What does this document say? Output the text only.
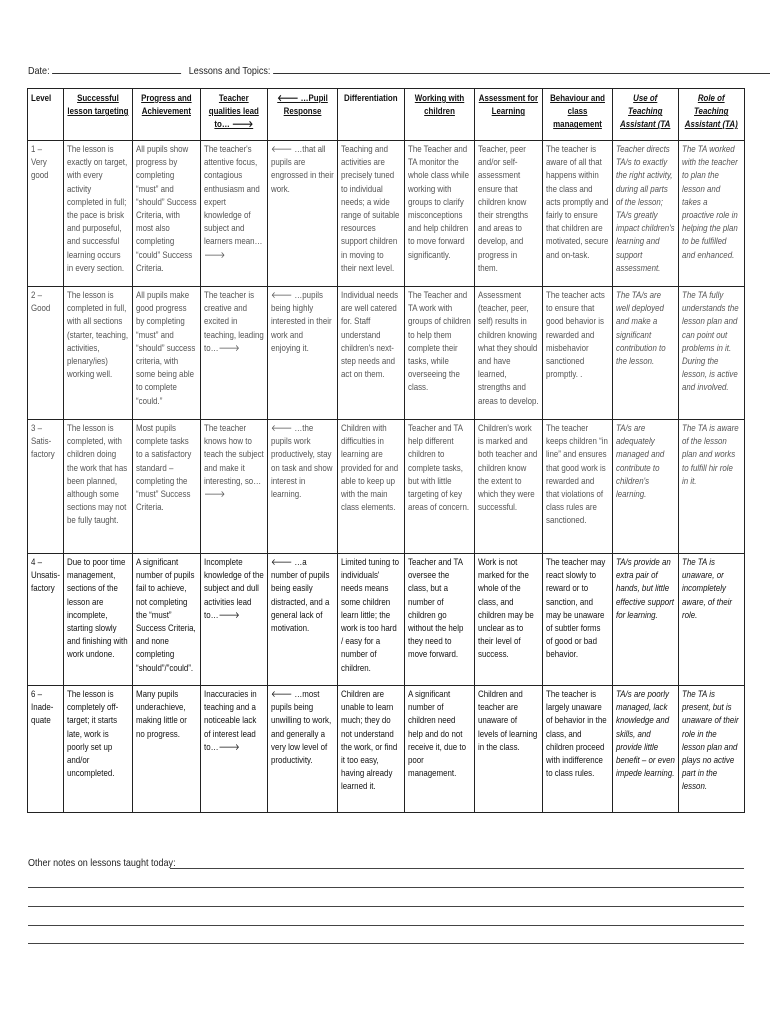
Date:	Lessons and Topics:
Level	Successful lesson targeting	Progress and Achievement	Teacher qualities lead to… 🡒	🡐 …Pupil Response	Differentiation	Working with children	Assessment for Learning	Behaviour and class management	Use of Teaching Assistant (TA	Role of Teaching Assistant (TA)

1 – Very good	The lesson is exactly on target, with every activity completed in full; the pace is brisk and purposeful, and successful learning occurs in every section.	All pupils show progress by completing “must” and “should” Success Criteria, with most also completing “could” Success Criteria.	The teacher's attentive focus, contagious enthusiasm and expert knowledge of subject and learners mean… 🡒	🡐 …that all pupils are engrossed in their work.	Teaching and activities are precisely tuned to individual needs; a wide range of suitable resources support children in moving to their next level.	The Teacher and TA monitor the whole class while working with groups to clarify misconceptions and help children to move forward significantly.	Teacher, peer and/or self-assessment ensure that children know their strengths and areas to develop, and progress in them.	The teacher is aware of all that happens within the class and acts promptly and fairly to ensure that children are motivated, secure and on-task.	Teacher directs TA/s to exactly the right activity, during all parts of the lesson; TA/s greatly impact children's learning and support assessment.	The TA worked with the teacher to plan the lesson and takes a proactive role in helping the plan to be fulfilled and enhanced.

2 – Good	The lesson is completed in full, with all sections (starter, teaching, activities, plenary/ies) working well.	All pupils make good progress by completing “must” and “should” success criteria, with some being able to complete “could.”	The teacher is creative and excited in teaching, leading to…🡒	🡐 …pupils being highly interested in their work and enjoying it.	Individual needs are well catered for. Staff understand children's next-step needs and act on them.	The Teacher and TA work with groups of children to help them complete their tasks, while overseeing the class.	Assessment (teacher, peer, self) results in children knowing what they should and have learned, strengths and areas to develop.	The teacher acts to ensure that good behavior is rewarded and misbehavior sanctioned promptly. .	The TA/s are well deployed and make a significant contribution to the lesson.	The TA fully understands the lesson plan and can point out problems in it. During the lesson, is active and involved.

3 – Satis-factory	The lesson is completed, with children doing the work that has been planned, although some sections may not be fully taught.	Most pupils complete tasks to a satisfactory standard – completing the “must” Success Criteria.	The teacher knows how to teach the subject and make it interesting, so… 🡒	🡐 …the pupils work productively, stay on task and show interest in learning.	Children with difficulties in learning are provided for and able to keep up with the main class elements.	Teacher and TA help different children to complete tasks, but with little targeting of key areas of concern.	Children's work is marked and both teacher and children know the extent to which they were successful.	The teacher keeps children “in line” and ensures that good work is rewarded and that violations of class rules are sanctioned.	TA/s are adequately managed and contribute to children's learning.	The TA is aware of the lesson plan and works to fulfill hir role in it.

4 – Unsatis-factory	Due to poor time management, sections of the lesson are incomplete, starting slowly and finishing with work undone.	A significant number of pupils fail to achieve, not completing the “must” Success Criteria, and none completing “should”/”could”.	Incomplete knowledge of the subject and dull activities lead to…🡒	🡐 …a number of pupils being easily distracted, and a general lack of motivation.	Limited tuning to individuals' needs means some children learn little; the work is too hard / easy for a number of children.	Teacher and TA oversee the class, but a number of children go without the help they need to move forward.	Work is not marked for the whole of the class, and children may be unclear as to their level of success.	The teacher may react slowly to reward or to sanction, and may be unaware of subtler forms of good or bad behavior.	TA/s provide an extra pair of hands, but little effective support for learning.	The TA is unaware, or incompletely aware, of their role.

6 – Inade-quate	The lesson is completely off-target; it starts late, work is poorly set up and/or uncompleted.	Many pupils underachieve, making little or no progress.	Inaccuracies in teaching and a noticeable lack of interest lead to…🡒	🡐 …most pupils being unwilling to work, and generally a very low level of productivity.	Children are unable to learn much; they do not understand the work, or find it too easy, having already learned it.	A significant number of children need help and do not receive it, due to poor management.	Children and teacher are unaware of levels of learning in the class.	The teacher is largely unaware of behavior in the class, and children proceed with indifference to class rules.	TA/s are poorly managed, lack knowledge and skills, and provide little benefit – or even impede learning.	The TA is present, but is unaware of their role in the lesson plan and plays no active part in the lesson.
Other notes on lessons taught today:
